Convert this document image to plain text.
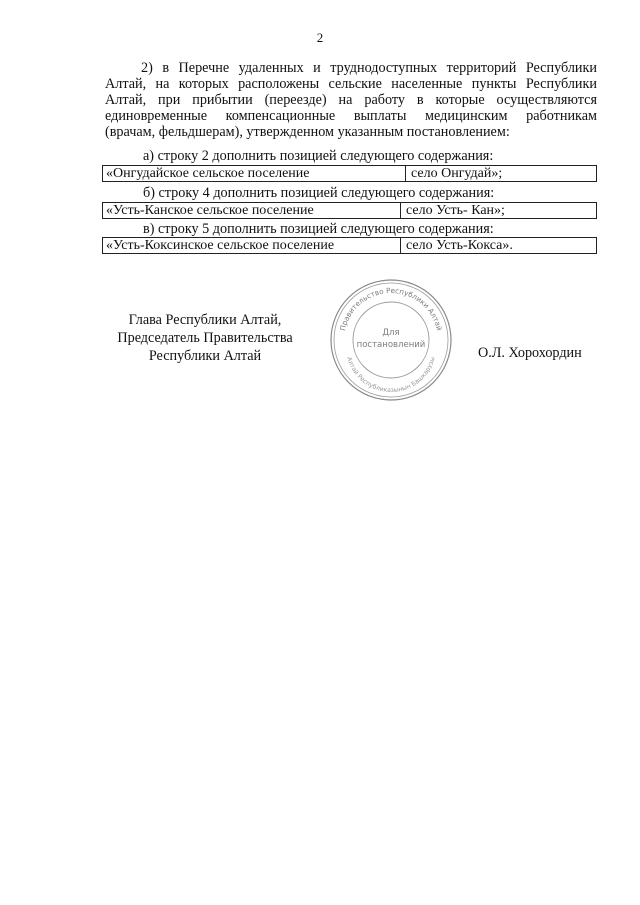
2

2) в Перечне удаленных и труднодоступных территорий Республики

Алтай, на которых расположены сельские населенные пункты Республики

Алтай, при прибытии (переезде) на работу в которые осуществляются

единовременные компенсационные выплаты медицинским работникам

(врачам, фельдшерам), утвержденном указанным постановлением:

а) строку 2 дополнить позицией следующего содержания:
«Онгудайское сельское поселение	село Онгудай»;
б) строку 4 дополнить позицией следующего содержания:
«Усть-Канское сельское поселение	село Усть- Кан»;
в) строку 5 дополнить позицией следующего содержания:
«Усть-Коксинское сельское поселение	село Усть-Кокса».
Глава Республики Алтай,
Председатель Правительства
Республики Алтай	О.Л. Хорохордин
Правительство Республики Алтай
Алтай Республиказынын Башкарузы
Для
постановлений
